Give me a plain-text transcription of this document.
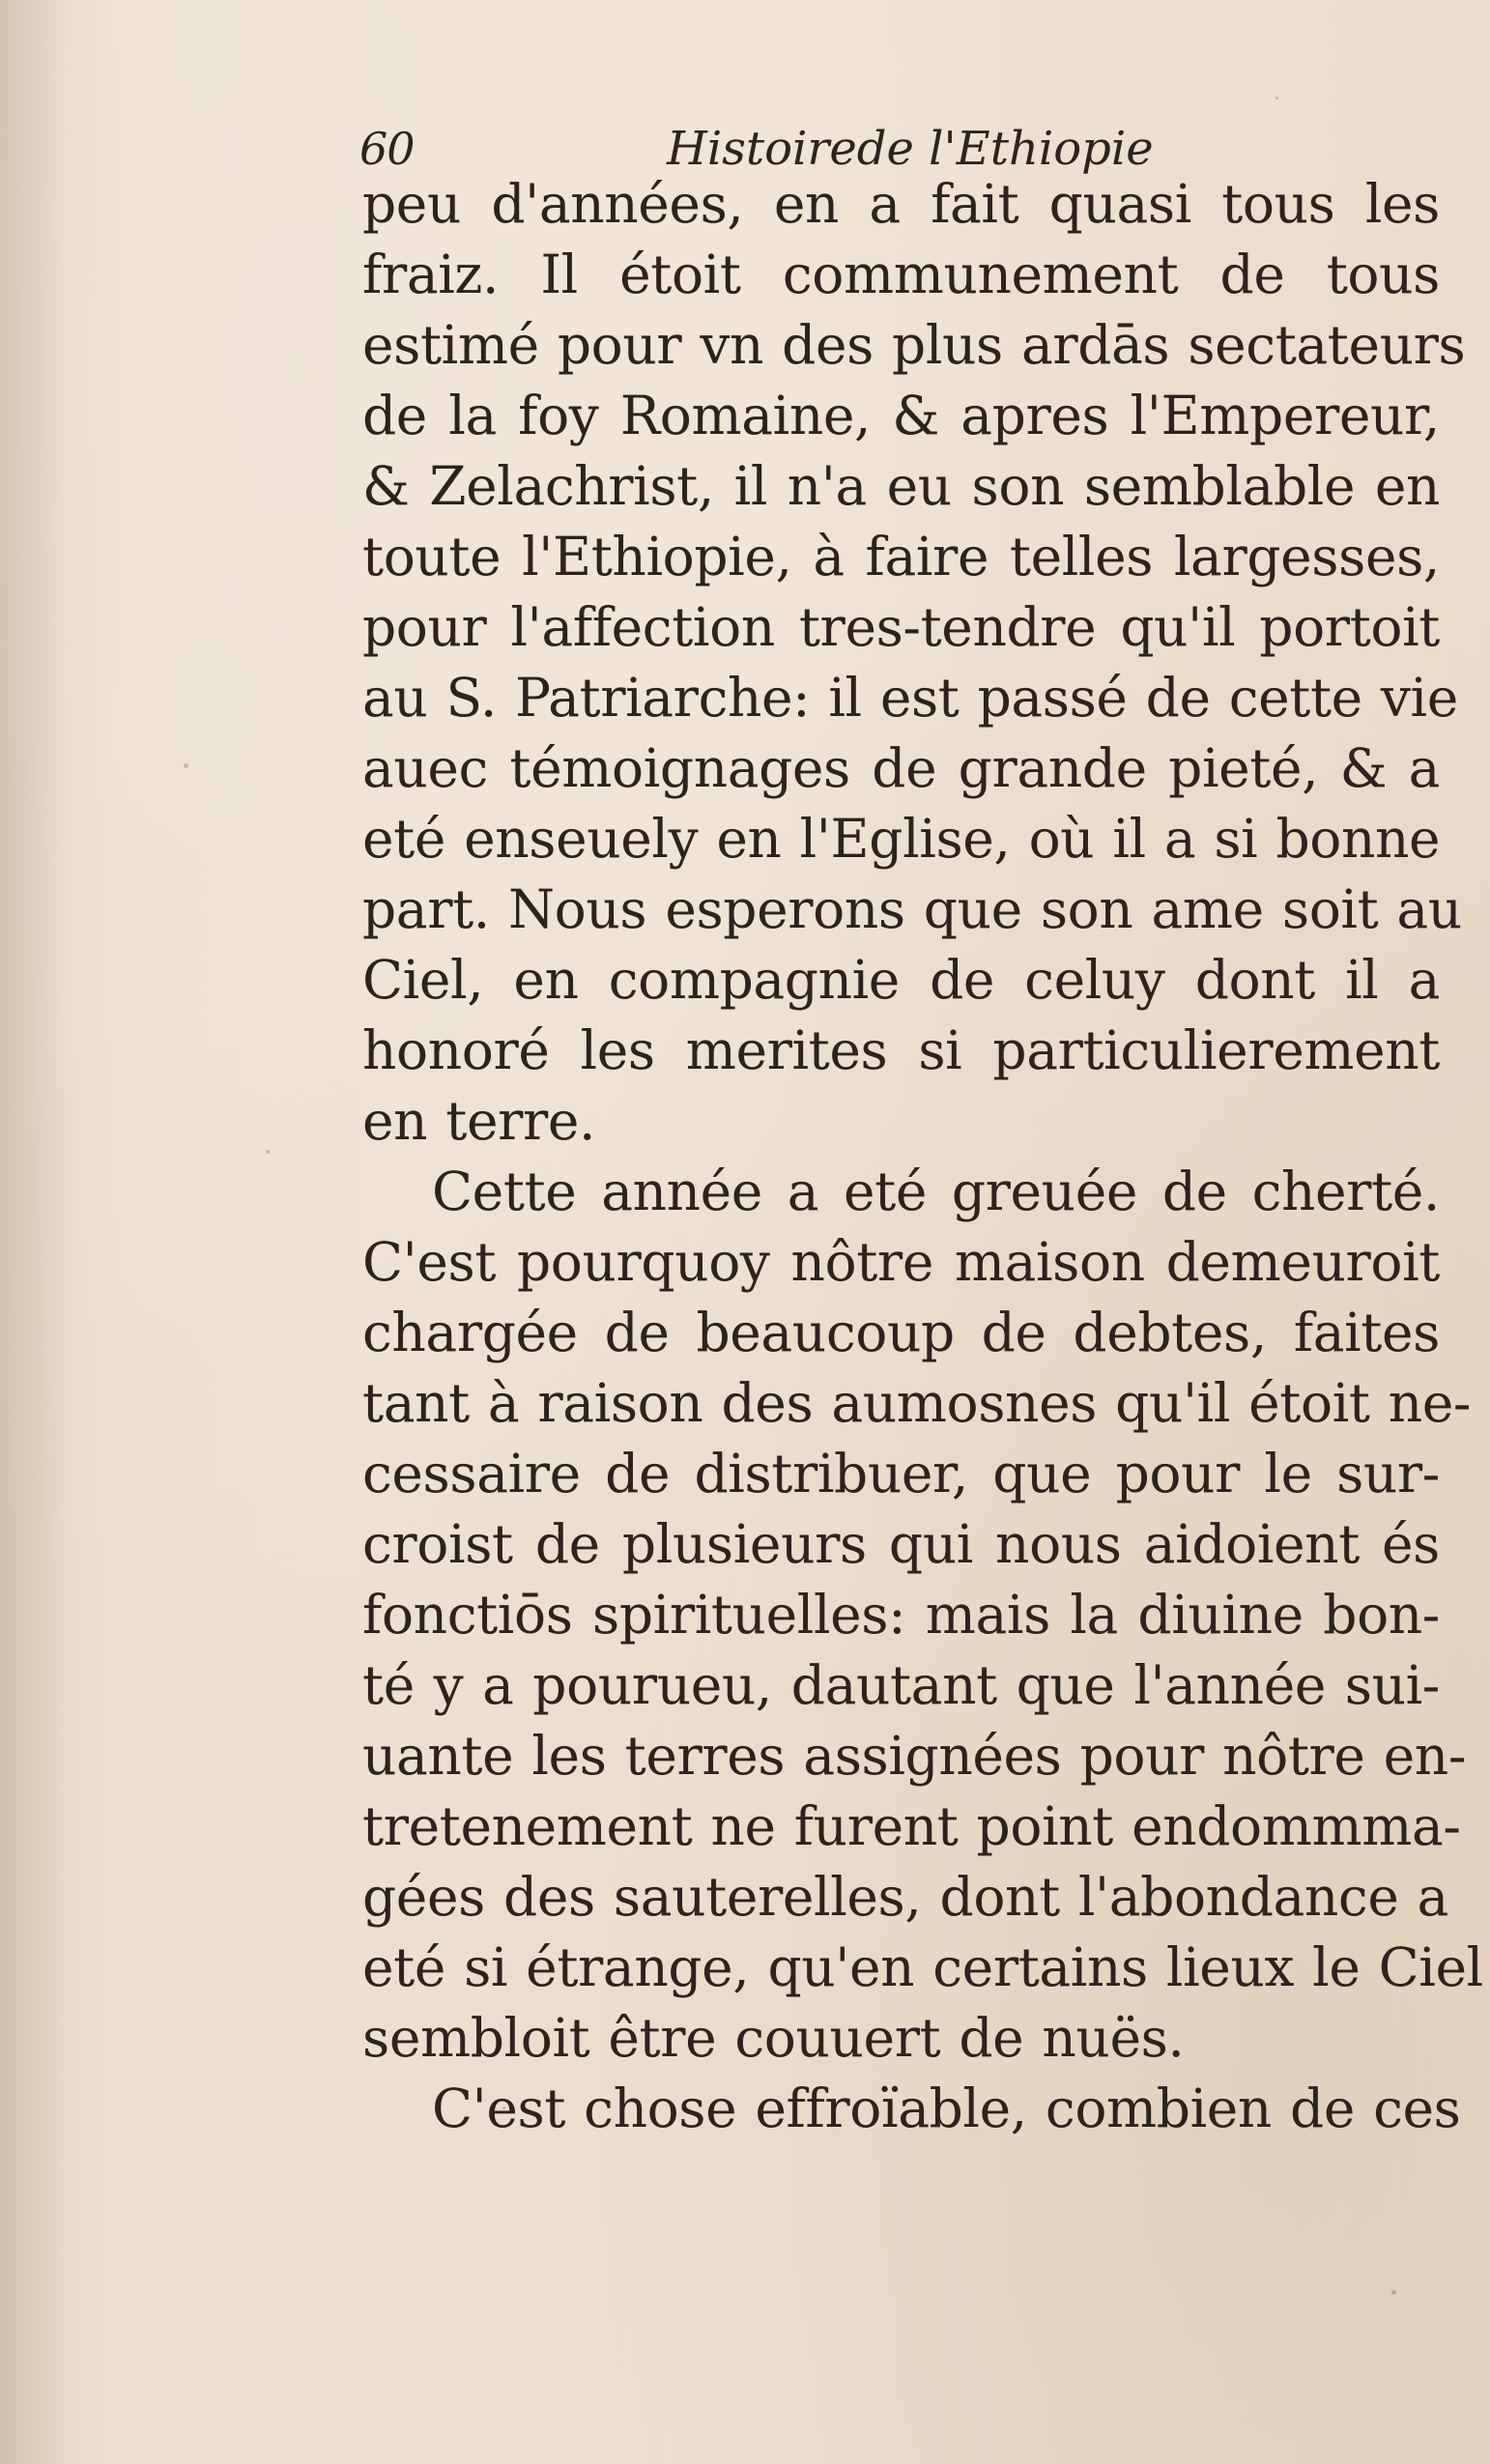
60	Histoirede l'Ethiopie
peu d'années, en a fait quasi tous les
fraiz. Il étoit communement de tous
estimé pour vn des plus ardās sectateurs
de la foy Romaine, & apres l'Empereur,
& Zelachrist, il n'a eu son semblable en
toute l'Ethiopie, à faire telles largesses,
pour l'affection tres-tendre qu'il portoit
au S. Patriarche: il est passé de cette vie
auec témoignages de grande pieté, & a
eté enseuely en l'Eglise, où il a si bonne
part. Nous esperons que son ame soit au
Ciel, en compagnie de celuy dont il a
honoré les merites si particulierement
en terre.
Cette année a eté greuée de cherté.
C'est pourquoy nôtre maison demeuroit
chargée de beaucoup de debtes, faites
tant à raison des aumosnes qu'il étoit ne-
cessaire de distribuer, que pour le sur-
croist de plusieurs qui nous aidoient és
fonctiōs spirituelles: mais la diuine bon-
té y a pourueu, dautant que l'année sui-
uante les terres assignées pour nôtre en-
tretenement ne furent point endommma-
gées des sauterelles, dont l'abondance a
eté si étrange, qu'en certains lieux le Ciel
sembloit être couuert de nuës.
C'est chose effroïable, combien de ces
